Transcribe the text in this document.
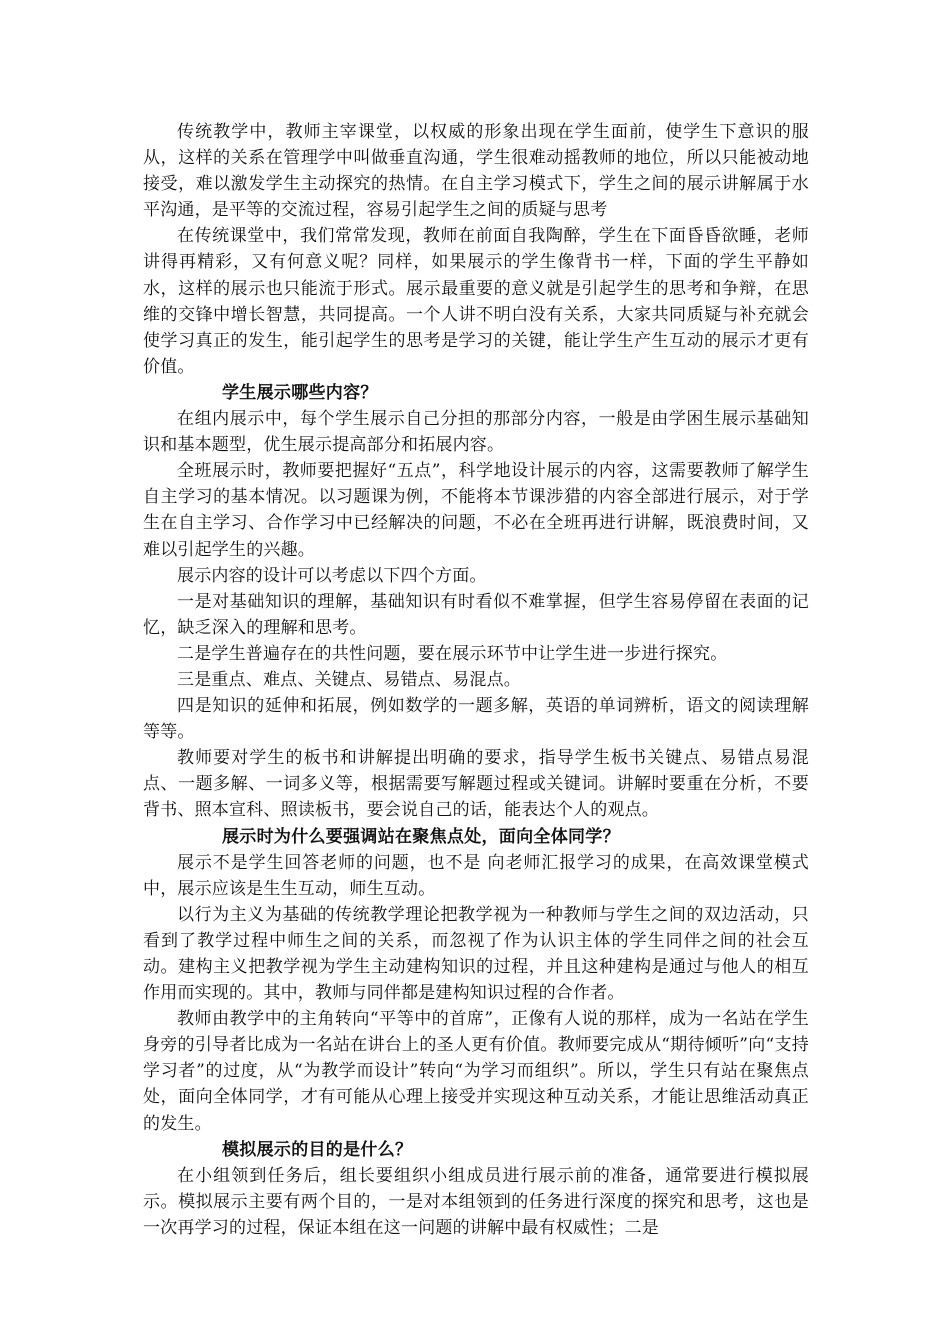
传统教学中，教师主宰课堂，以权威的形象出现在学生面前，使学生下意识的服从，这样的关系在管理学中叫做垂直沟通，学生很难动摇教师的地位，所以只能被动地接受，难以激发学生主动探究的热情。在自主学习模式下，学生之间的展示讲解属于水平沟通，是平等的交流过程，容易引起学生之间的质疑与思考

在传统课堂中，我们常常发现，教师在前面自我陶醉，学生在下面昏昏欲睡，老师讲得再精彩，又有何意义呢？同样，如果展示的学生像背书一样，下面的学生平静如水，这样的展示也只能流于形式。展示最重要的意义就是引起学生的思考和争辩，在思维的交锋中增长智慧，共同提高。一个人讲不明白没有关系，大家共同质疑与补充就会使学习真正的发生，能引起学生的思考是学习的关键，能让学生产生互动的展示才更有价值。

学生展示哪些内容？

在组内展示中，每个学生展示自己分担的那部分内容，一般是由学困生展示基础知识和基本题型，优生展示提高部分和拓展内容。

全班展示时，教师要把握好“五点”，科学地设计展示的内容，这需要教师了解学生自主学习的基本情况。以习题课为例，不能将本节课涉猎的内容全部进行展示，对于学生在自主学习、合作学习中已经解决的问题，不必在全班再进行讲解，既浪费时间，又难以引起学生的兴趣。

展示内容的设计可以考虑以下四个方面。

一是对基础知识的理解，基础知识有时看似不难掌握，但学生容易停留在表面的记忆，缺乏深入的理解和思考。

二是学生普遍存在的共性问题，要在展示环节中让学生进一步进行探究。

三是重点、难点、关键点、易错点、易混点。

四是知识的延伸和拓展，例如数学的一题多解，英语的单词辨析，语文的阅读理解等等。

教师要对学生的板书和讲解提出明确的要求，指导学生板书关键点、易错点易混点、一题多解、一词多义等，根据需要写解题过程或关键词。讲解时要重在分析，不要背书、照本宣科、照读板书，要会说自己的话，能表达个人的观点。

展示时为什么要强调站在聚焦点处，面向全体同学？

展示不是学生回答老师的问题，也不是 向老师汇报学习的成果，在高效课堂模式中，展示应该是生生互动，师生互动。

以行为主义为基础的传统教学理论把教学视为一种教师与学生之间的双边活动，只看到了教学过程中师生之间的关系，而忽视了作为认识主体的学生同伴之间的社会互动。建构主义把教学视为学生主动建构知识的过程，并且这种建构是通过与他人的相互作用而实现的。其中，教师与同伴都是建构知识过程的合作者。

教师由教学中的主角转向“平等中的首席”，正像有人说的那样，成为一名站在学生身旁的引导者比成为一名站在讲台上的圣人更有价值。教师要完成从“期待倾听”向“支持学习者”的过度，从“为教学而设计”转向“为学习而组织”。所以，学生只有站在聚焦点处，面向全体同学，才有可能从心理上接受并实现这种互动关系，才能让思维活动真正的发生。

模拟展示的目的是什么？

在小组领到任务后，组长要组织小组成员进行展示前的准备，通常要进行模拟展示。模拟展示主要有两个目的，一是对本组领到的任务进行深度的探究和思考，这也是一次再学习的过程，保证本组在这一问题的讲解中最有权威性；二是
